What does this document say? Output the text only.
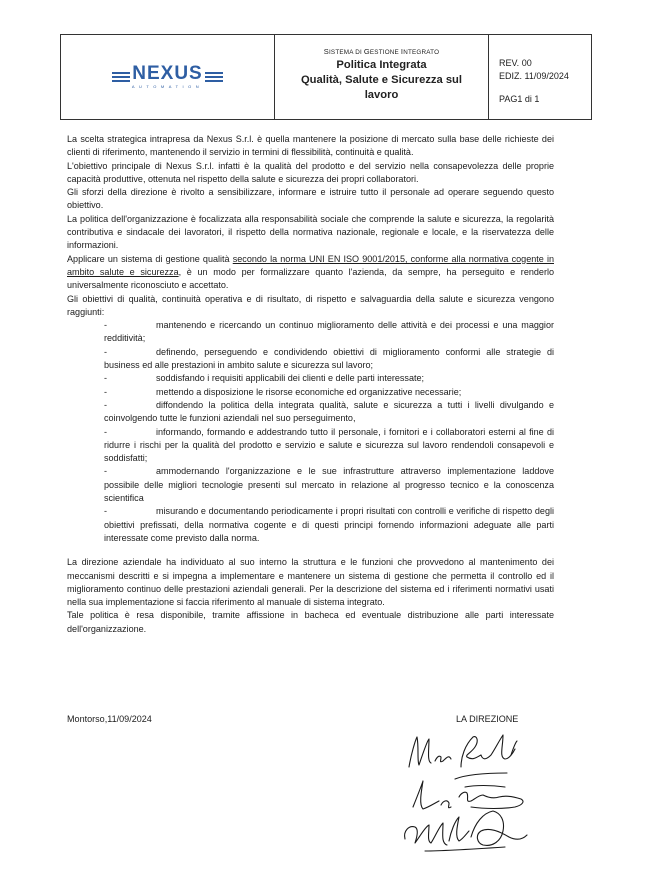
NEXUS
AUTOMATION
SISTEMA DI GESTIONE INTEGRATO
Politica Integrata
Qualità, Salute e Sicurezza sul
lavoro
REV. 00
EDIZ. 11/09/2024
PAG1 di 1

La scelta strategica intrapresa da Nexus S.r.l. è quella mantenere la posizione di mercato sulla base delle richieste dei clienti di riferimento, mantenendo il servizio in termini di flessibilità, continuità e qualità.

L'obiettivo principale di Nexus S.r.l. infatti è la qualità del prodotto e del servizio nella consapevolezza delle proprie capacità produttive, ottenuta nel rispetto della salute e sicurezza dei propri collaboratori.

Gli sforzi della direzione è rivolto a sensibilizzare, informare e istruire tutto il personale ad operare seguendo questo obiettivo.

La politica dell'organizzazione è focalizzata alla responsabilità sociale che comprende la salute e sicurezza, la regolarità contributiva e sindacale dei lavoratori, il rispetto della normativa nazionale, regionale e locale, e la riservatezza delle informazioni.

Applicare un sistema di gestione qualità secondo la norma UNI EN ISO 9001/2015, conforme alla normativa cogente in ambito salute e sicurezza, è un modo per formalizzare quanto l'azienda, da sempre, ha perseguito e renderlo universalmente riconosciuto e accettato.

Gli obiettivi di qualità, continuità operativa e di risultato, di rispetto e salvaguardia della salute e sicurezza vengono raggiunti:

-	mantenendo e ricercando un continuo miglioramento delle attività e dei processi e una maggior redditività;

-	definendo, perseguendo e condividendo obiettivi di miglioramento conformi alle strategie di business ed alle prestazioni in ambito salute e sicurezza sul lavoro;

-	soddisfando i requisiti applicabili dei clienti e delle parti interessate;

-	mettendo a disposizione le risorse economiche ed organizzative necessarie;

-	diffondendo la politica della integrata qualità, salute e sicurezza a tutti i livelli divulgando e coinvolgendo tutte le funzioni aziendali nel suo perseguimento,

-	informando, formando e addestrando tutto il personale, i fornitori e i collaboratori esterni al fine di ridurre i rischi per la qualità del prodotto e servizio e salute e sicurezza sul lavoro rendendoli consapevoli e soddisfatti;

-	ammodernando l'organizzazione e le sue infrastrutture attraverso implementazione laddove possibile delle migliori tecnologie presenti sul mercato in relazione al progresso tecnico e la conoscenza scientifica

-	misurando e documentando periodicamente i propri risultati con controlli e verifiche di rispetto degli obiettivi prefissati, della normativa cogente e di questi principi fornendo informazioni adeguate alle parti interessate come previsto dalla norma.

La direzione aziendale ha individuato al suo interno la struttura e le funzioni che provvedono al mantenimento dei meccanismi descritti e si impegna a implementare e mantenere un sistema di gestione che permetta il controllo ed il miglioramento continuo delle prestazioni aziendali generali. Per la descrizione del sistema ed i riferimenti normativi usati nella sua implementazione si faccia riferimento al manuale di sistema integrato.

Tale politica è resa disponibile, tramite affissione in bacheca ed eventuale distribuzione alle parti interessate dell'organizzazione.

Montorso,11/09/2024	LA DIREZIONE
